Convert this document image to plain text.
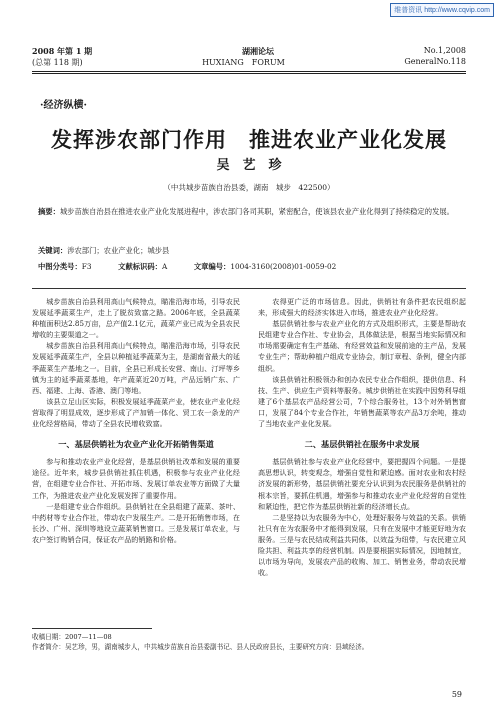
维普资讯 http://www.cqvip.com
2008 年第 1 期	湖湘论坛	No.1,2008
(总第 118 期)	HUXIANG　FORUM	GeneralNo.118
·经济纵横·
发挥涉农部门作用　推进农业产业化发展
吴　艺　珍
（中共城步苗族自治县委，湖南　城步　422500）
摘要：城步苗族自治县在推进农业产业化发展进程中，涉农部门各司其职，紧密配合，使该县农业产业化得到了持续稳定的发展。
关键词：涉农部门；农业产业化；城步县
中图分类号：F3	文献标识码：A	文章编号：1004-3160(2008)01-0059-02

城步苗族自治县利用高山气候特点，瞄准沿海市场，引导农民发展延季蔬菜生产，走上了脱贫致富之路。2006年底，全县蔬菜种植面积达2.85万亩，总产值2.1亿元，蔬菜产业已成为全县农民增收的主要渠道之一。

城步苗族自治县利用高山气候特点，瞄准沿海市场，引导农民发展延季蔬菜生产，全县以种植延季蔬菜为主，是湖南省最大的延季蔬菜生产基地之一。目前，全县已形成长安营、南山、汀坪等乡镇为主的延季蔬菜基地，年产蔬菜近20万吨，产品远销广东、广西、福建、上海、香港、澳门等地。

该县立足山区实际，积极发展延季蔬菜产业，使农业产业化经营取得了明显成效，逐步形成了产加销一体化、贸工农一条龙的产业化经营格局，带动了全县农民增收致富。

一、基层供销社为农业产业化开拓销售渠道

参与和推动农业产业化经营，是基层供销社改革和发展的重要途径。近年来，城步县供销社抓住机遇，积极参与农业产业化经营，在组建专业合作社、开拓市场、发展订单农业等方面做了大量工作，为推进农业产业化发展发挥了重要作用。

一是组建专业合作组织。县供销社在全县组建了蔬菜、茶叶、中药材等专业合作社，带动农户发展生产。二是开拓销售市场，在长沙、广州、深圳等地设立蔬菜销售窗口。三是发展订单农业，与农户签订购销合同，保证农产品的销路和价格。

农得更广泛的市场信息。因此，供销社有条件把农民组织起来，形成强大的经济实体进入市场，推进农业产业化经营。

基层供销社参与农业产业化的方式及组织形式，主要是帮助农民组建专业合作社、专业协会，具体做法是，根据当地实际情况和市场需要确定有生产基础、有经营效益和发展前途的主产品，发展专业生产；帮助种植户组成专业协会，制订章程、条例，健全内部组织。

该县供销社积极领办和创办农民专业合作组织，提供信息、科技、生产、供应生产资料等服务。城步供销社在实践中因势利导组建了6个基层农产品经营公司，7个综合服务社，13个对外销售窗口，发展了84个专业合作社，年销售蔬菜等农产品3万余吨，推动了当地农业产业化发展。

二、基层供销社在服务中求发展

基层供销社参与农业产业化经营中，要把握四个问题。一是提高思想认识，转变观念，增强自觉性和紧迫感。面对农业和农村经济发展的新形势，基层供销社要充分认识到为农民服务是供销社的根本宗旨，要抓住机遇，增强参与和推动农业产业化经营的自觉性和紧迫性，把它作为基层供销社新的经济增长点。

二是坚持以为农服务为中心，处理好服务与效益的关系。供销社只有在为农服务中才能得到发展，只有在发展中才能更好地为农服务。三是与农民结成利益共同体，以效益为纽带，与农民建立风险共担、利益共享的经营机制。四是要根据实际情况，因地制宜，以市场为导向，发展农产品的收购、加工、销售业务，带动农民增收。

收稿日期：2007—11—08
作者简介：吴艺珍，男，湖南城步人，中共城步苗族自治县委副书记、县人民政府县长，主要研究方向：县域经济。
59
